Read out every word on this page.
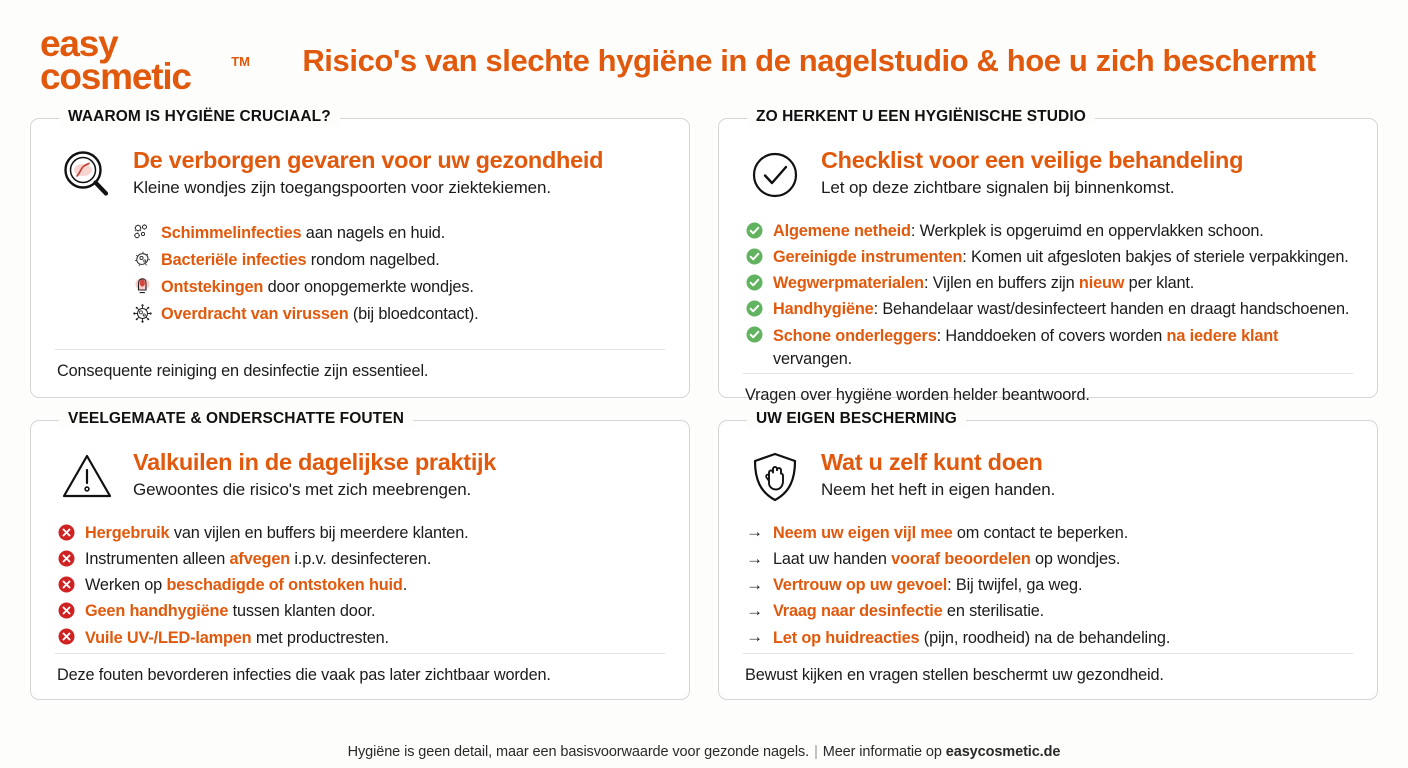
easy
cosmetic	TM	Risico's van slechte hygiëne in de nagelstudio & hoe u zich beschermt
WAAROM IS HYGIËNE CRUCIAAL?
De verborgen gevaren voor uw gezondheid
Kleine wondjes zijn toegangspoorten voor ziektekiemen.
Schimmelinfecties aan nagels en huid.
Bacteriële infecties rondom nagelbed.
Ontstekingen door onopgemerkte wondjes.
Overdracht van virussen (bij bloedcontact).
Consequente reiniging en desinfectie zijn essentieel.
ZO HERKENT U EEN HYGIËNISCHE STUDIO
Checklist voor een veilige behandeling
Let op deze zichtbare signalen bij binnenkomst.
Algemene netheid: Werkplek is opgeruimd en oppervlakken schoon.
Gereinigde instrumenten: Komen uit afgesloten bakjes of steriele verpakkingen.
Wegwerpmaterialen: Vijlen en buffers zijn nieuw per klant.
Handhygiëne: Behandelaar wast/desinfecteert handen en draagt handschoenen.
Schone onderleggers: Handdoeken of covers worden na iedere klant vervangen.
Vragen over hygiëne worden helder beantwoord.
VEELGEMAATE & ONDERSCHATTE FOUTEN
Valkuilen in de dagelijkse praktijk
Gewoontes die risico's met zich meebrengen.
Hergebruik van vijlen en buffers bij meerdere klanten.
Instrumenten alleen afvegen i.p.v. desinfecteren.
Werken op beschadigde of ontstoken huid.
Geen handhygiëne tussen klanten door.
Vuile UV-/LED-lampen met productresten.
Deze fouten bevorderen infecties die vaak pas later zichtbaar worden.
UW EIGEN BESCHERMING
Wat u zelf kunt doen
Neem het heft in eigen handen.
→ Neem uw eigen vijl mee om contact te beperken.
→ Laat uw handen vooraf beoordelen op wondjes.
→ Vertrouw op uw gevoel: Bij twijfel, ga weg.
→ Vraag naar desinfectie en sterilisatie.
→ Let op huidreacties (pijn, roodheid) na de behandeling.
Bewust kijken en vragen stellen beschermt uw gezondheid.
Hygiëne is geen detail, maar een basisvoorwaarde voor gezonde nagels. | Meer informatie op easycosmetic.de
